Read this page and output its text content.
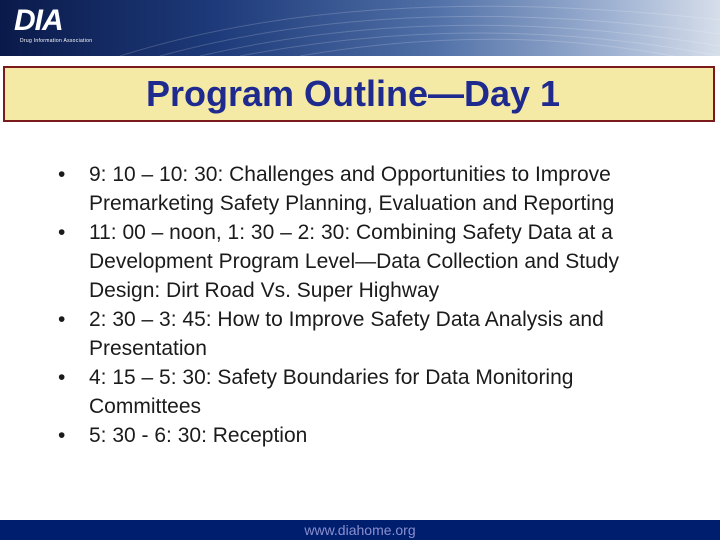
DIA
Drug Information Association
Program Outline—Day 1
• 9: 10 – 10: 30: Challenges and Opportunities to Improve Premarketing Safety Planning, Evaluation and Reporting
• 11: 00 – noon, 1: 30 – 2: 30: Combining Safety Data at a Development Program Level—Data Collection and Study Design: Dirt Road Vs. Super Highway
• 2: 30 – 3: 45: How to Improve Safety Data Analysis and Presentation
• 4: 15 – 5: 30: Safety Boundaries for Data Monitoring Committees
• 5: 30 - 6: 30: Reception
www.diahome.org
